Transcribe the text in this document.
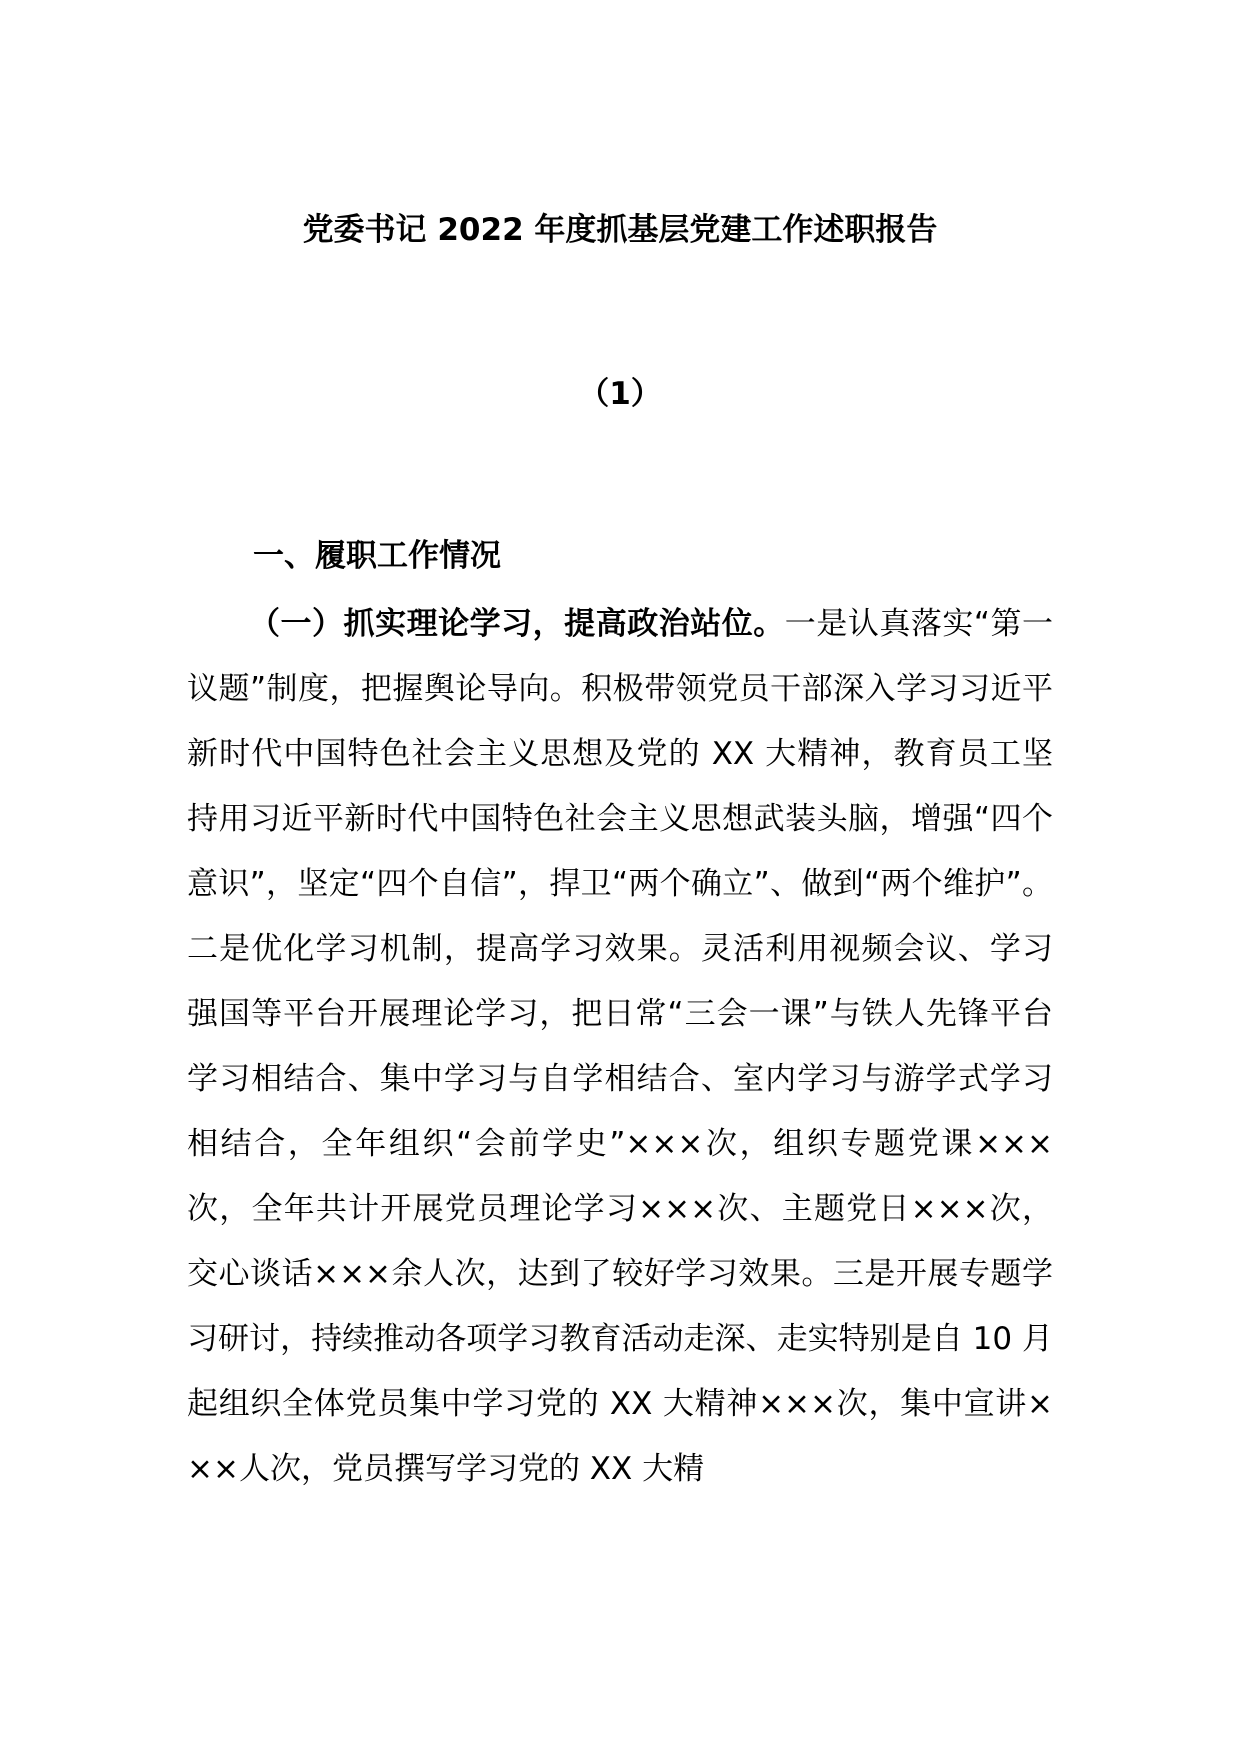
党委书记 2022 年度抓基层党建工作述职报告
（1）
一、履职工作情况
（一）抓实理论学习，提高政治站位。一是认真落实“第一议题”制度，把握舆论导向。积极带领党员干部深入学习习近平新时代中国特色社会主义思想及党的 XX 大精神，教育员工坚持用习近平新时代中国特色社会主义思想武装头脑，增强“四个意识”，坚定“四个自信”，捍卫“两个确立”、做到“两个维护”。二是优化学习机制，提高学习效果。灵活利用视频会议、学习强国等平台开展理论学习，把日常“三会一课”与铁人先锋平台学习相结合、集中学习与自学相结合、室内学习与游学式学习相结合，全年组织“会前学史”×××次，组织专题党课×××次，全年共计开展党员理论学习×××次、主题党日×××次，交心谈话×××余人次，达到了较好学习效果。三是开展专题学习研讨，持续推动各项学习教育活动走深、走实特别是自 10 月起组织全体党员集中学习党的 XX 大精神×××次，集中宣讲×××人次，党员撰写学习党的 XX 大精
